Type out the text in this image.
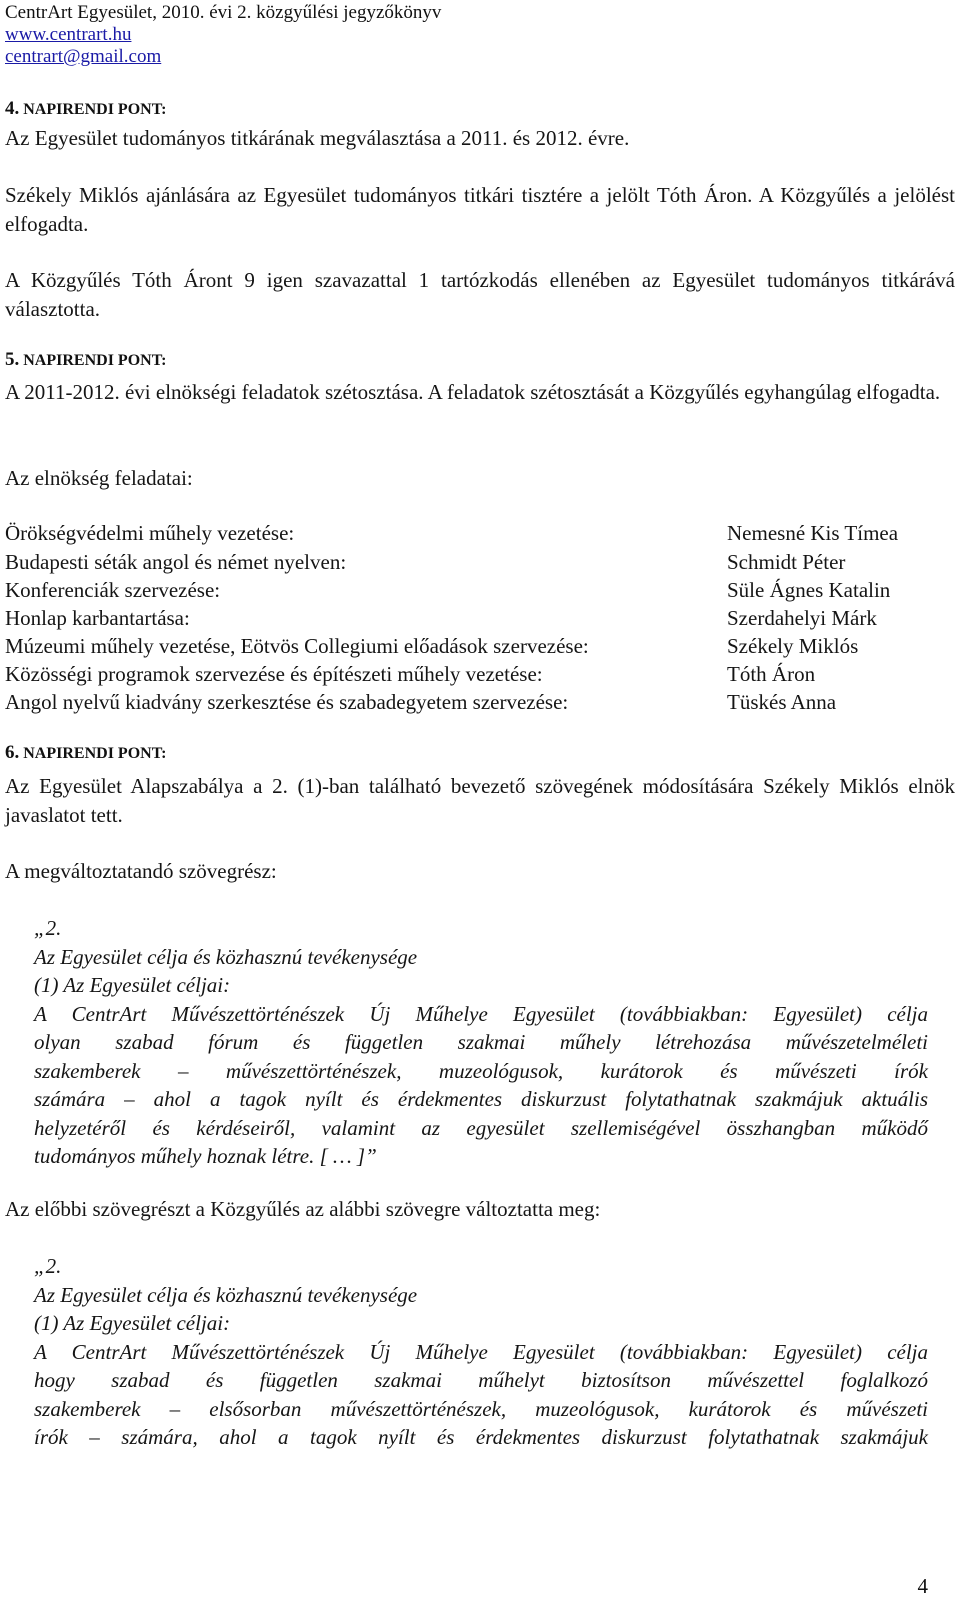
CentrArt Egyesület, 2010. évi 2. közgyűlési jegyzőkönyv
www.centrart.hu
centrart@gmail.com
4. NAPIRENDI PONT:
Az Egyesület tudományos titkárának megválasztása a 2011. és 2012. évre.
Székely Miklós ajánlására az Egyesület tudományos titkári tisztére a jelölt Tóth Áron. A Közgyűlés a jelölést elfogadta.
A Közgyűlés Tóth Áront 9 igen szavazattal 1 tartózkodás ellenében az Egyesület tudományos titkárává választotta.
5. NAPIRENDI PONT:
A 2011-2012. évi elnökségi feladatok szétosztása. A feladatok szétosztását a Közgyűlés egyhangúlag elfogadta.
Az elnökség feladatai:
Örökségvédelmi műhely vezetése:	Nemesné Kis Tímea
Budapesti séták angol és német nyelven:	Schmidt Péter
Konferenciák szervezése:	Süle Ágnes Katalin
Honlap karbantartása:	Szerdahelyi Márk
Múzeumi műhely vezetése, Eötvös Collegiumi előadások szervezése:	Székely Miklós
Közösségi programok szervezése és építészeti műhely vezetése:	Tóth Áron
Angol nyelvű kiadvány szerkesztése és szabadegyetem szervezése:	Tüskés Anna
6. NAPIRENDI PONT:
Az Egyesület Alapszabálya a 2. (1)-ban található bevezető szövegének módosítására Székely Miklós elnök javaslatot tett.
A megváltoztatandó szövegrész:
„2.
Az Egyesület célja és közhasznú tevékenysége
(1) Az Egyesület céljai:
A CentrArt Művészettörténészek Új Műhelye Egyesület (továbbiakban: Egyesület) célja
olyan szabad fórum és független szakmai műhely létrehozása művészetelméleti
szakemberek – művészettörténészek, muzeológusok, kurátorok és művészeti írók
számára – ahol a tagok nyílt és érdekmentes diskurzust folytathatnak szakmájuk aktuális
helyzetéről és kérdéseiről, valamint az egyesület szellemiségével összhangban működő
tudományos műhely hoznak létre. [ … ]”
Az előbbi szövegrészt a Közgyűlés az alábbi szövegre változtatta meg:
„2.
Az Egyesület célja és közhasznú tevékenysége
(1) Az Egyesület céljai:
A CentrArt Művészettörténészek Új Műhelye Egyesület (továbbiakban: Egyesület) célja
hogy szabad és független szakmai műhelyt biztosítson művészettel foglalkozó
szakemberek – elsősorban művészettörténészek, muzeológusok, kurátorok és művészeti
írók – számára, ahol a tagok nyílt és érdekmentes diskurzust folytathatnak szakmájuk
4
